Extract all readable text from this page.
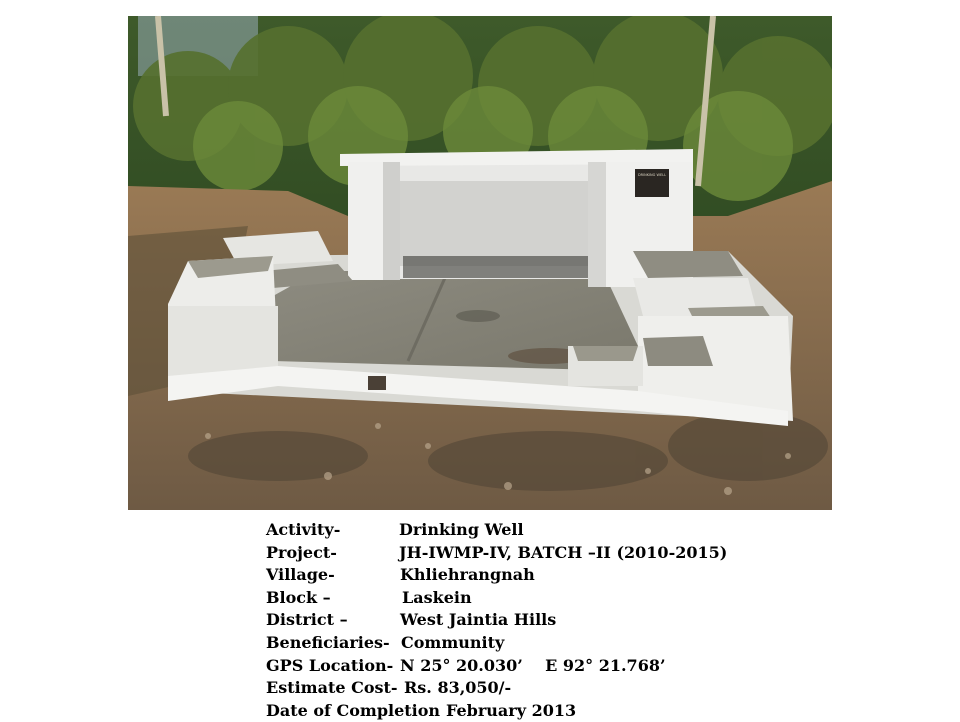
DRINKING WELL
Activity-	Drinking Well
Project-	JH-IWMP-IV, BATCH –II (2010-2015)
Village-	Khliehrangnah
Block –	Laskein
District –	West Jaintia Hills
Beneficiaries- Community
GPS Location- N 25° 20.030’    E 92° 21.768’
Estimate Cost- Rs. 83,050/-
Date of Completion February 2013
